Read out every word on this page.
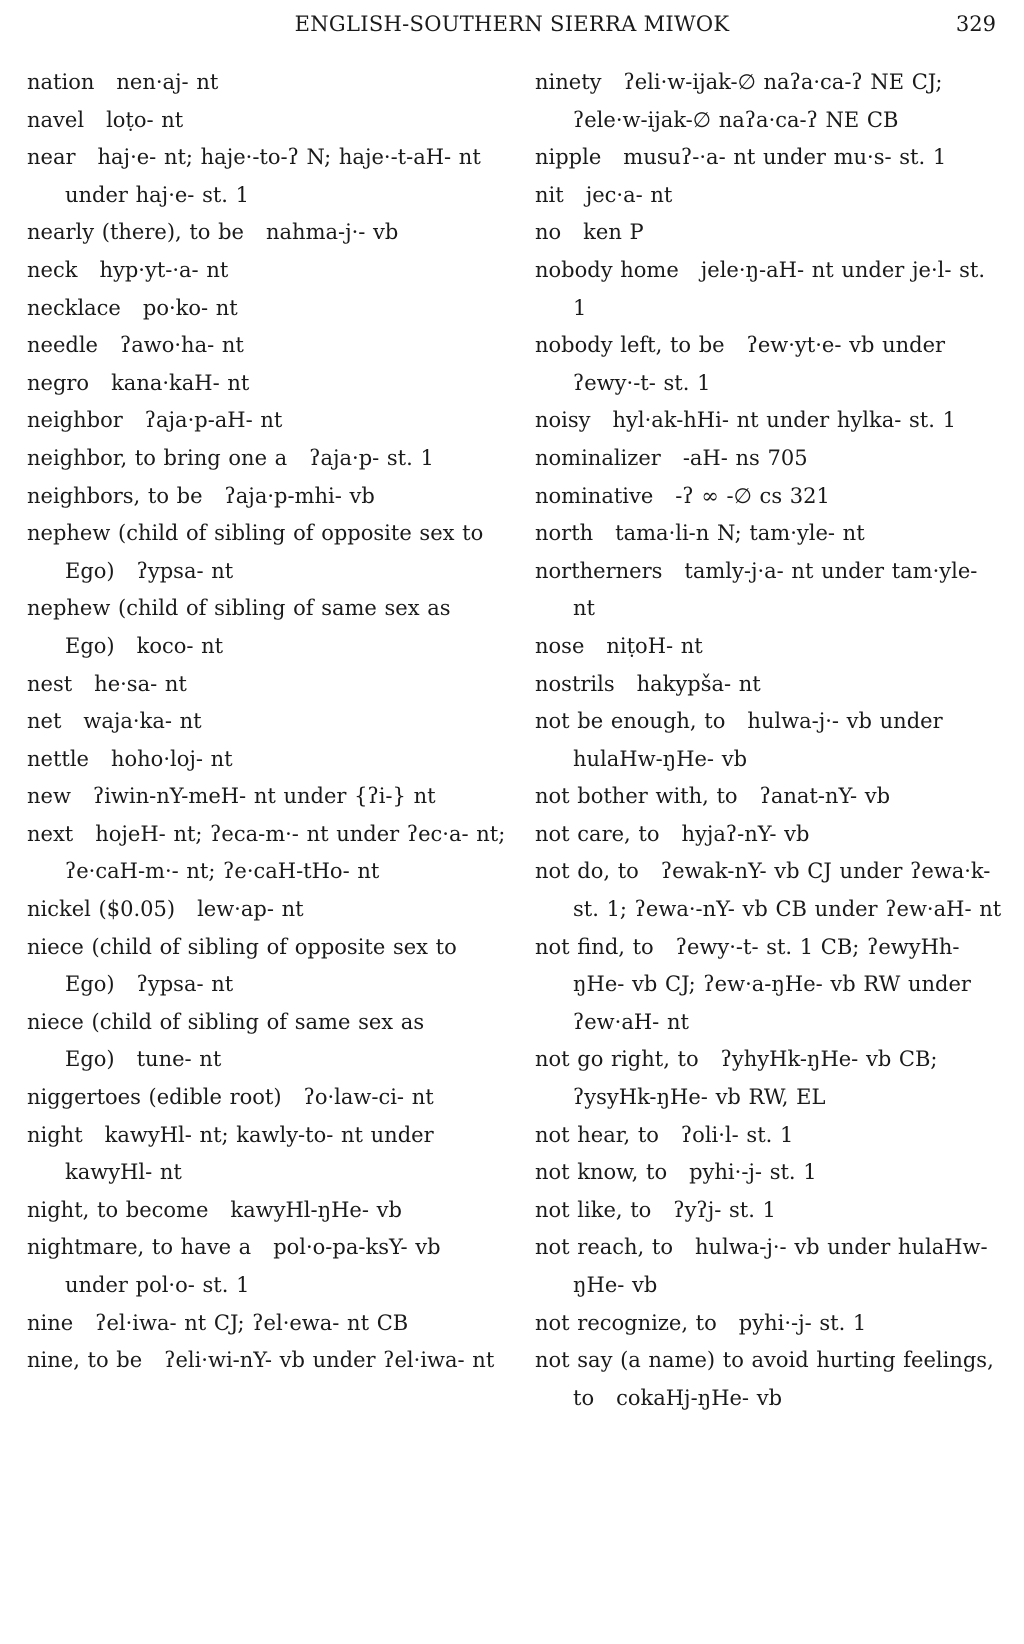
ENGLISH-SOUTHERN SIERRA MIWOK	329

nation nen·aj- nt

navel loṭo- nt

near haj·e- nt; haje·-to-ʔ N; haje·-t-aH- nt under haj·e- st. 1

nearly (there), to be nahma-j·- vb

neck hyp·yt-·a- nt

necklace po·ko- nt

needle ʔawo·ha- nt

negro kana·kaH- nt

neighbor ʔaja·p-aH- nt

neighbor, to bring one a ʔaja·p- st. 1

neighbors, to be ʔaja·p-mhi- vb

nephew (child of sibling of opposite sex to Ego) ʔypsa- nt

nephew (child of sibling of same sex as Ego) koco- nt

nest he·sa- nt

net waja·ka- nt

nettle hoho·loj- nt

new ʔiwin-nY-meH- nt under {ʔi-} nt

next hojeH- nt; ʔeca-m·- nt under ʔec·a- nt; ʔe·caH-m·- nt; ʔe·caH-tHo- nt

nickel ($0.05) lew·ap- nt

niece (child of sibling of opposite sex to Ego) ʔypsa- nt

niece (child of sibling of same sex as Ego) tune- nt

niggertoes (edible root) ʔo·law-ci- nt

night kawyHl- nt; kawly-to- nt under kawyHl- nt

night, to become kawyHl-ŋHe- vb

nightmare, to have a pol·o-pa-ksY- vb under pol·o- st. 1

nine ʔel·iwa- nt CJ; ʔel·ewa- nt CB

nine, to be ʔeli·wi-nY- vb under ʔel·iwa- nt

ninety ʔeli·w-ijak-∅ naʔa·ca-ʔ NE CJ; ʔele·w-ijak-∅ naʔa·ca-ʔ NE CB

nipple musuʔ-·a- nt under mu·s- st. 1

nit jec·a- nt

no ken P

nobody home jele·ŋ-aH- nt under je·l- st. 1

nobody left, to be ʔew·yt·e- vb under ʔewy·-t- st. 1

noisy hyl·ak-hHi- nt under hylka- st. 1

nominalizer -aH- ns 705

nominative -ʔ ∞ -∅ cs 321

north tama·li-n N; tam·yle- nt

northerners tamly-j·a- nt under tam·yle- nt

nose niṭoH- nt

nostrils hakypša- nt

not be enough, to hulwa-j·- vb under hulaHw-ŋHe- vb

not bother with, to ʔanat-nY- vb

not care, to hyjaʔ-nY- vb

not do, to ʔewak-nY- vb CJ under ʔewa·k- st. 1; ʔewa·-nY- vb CB under ʔew·aH- nt

not find, to ʔewy·-t- st. 1 CB; ʔewyHh-ŋHe- vb CJ; ʔew·a-ŋHe- vb RW under ʔew·aH- nt

not go right, to ʔyhyHk-ŋHe- vb CB; ʔysyHk-ŋHe- vb RW, EL

not hear, to ʔoli·l- st. 1

not know, to pyhi·-j- st. 1

not like, to ʔyʔj- st. 1

not reach, to hulwa-j·- vb under hulaHw-ŋHe- vb

not recognize, to pyhi·-j- st. 1

not say (a name) to avoid hurting feelings, to cokaHj-ŋHe- vb
